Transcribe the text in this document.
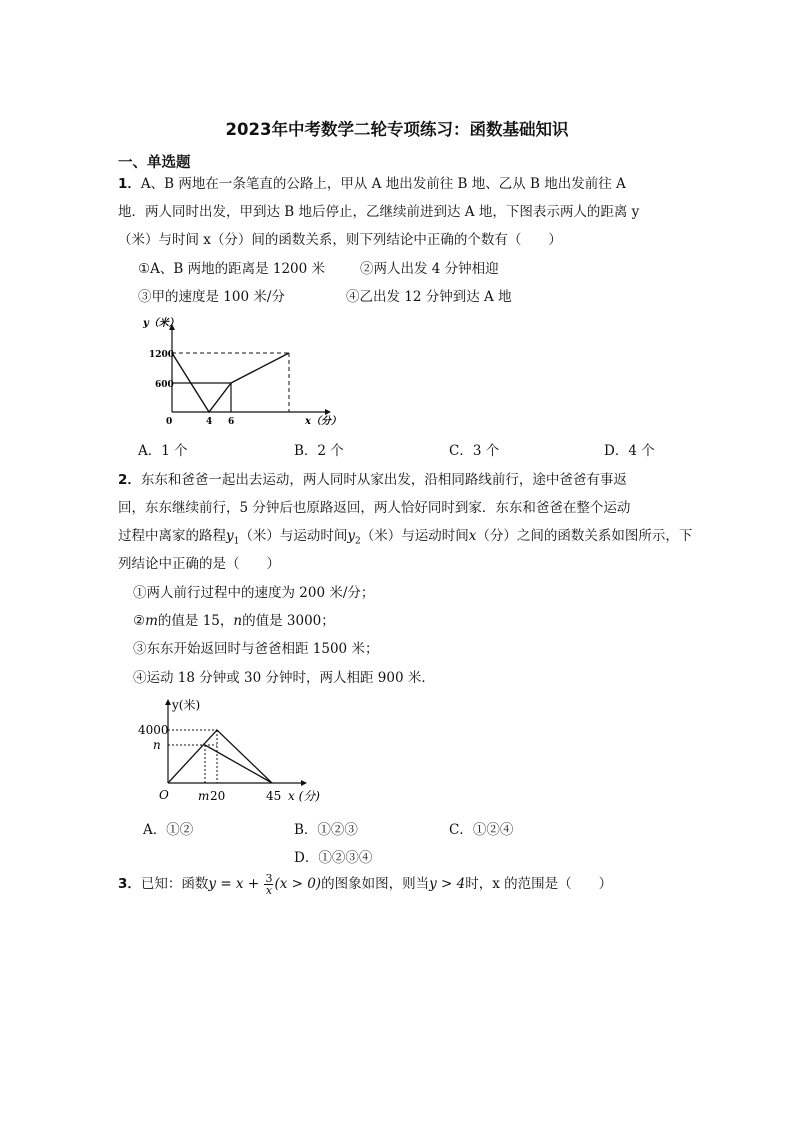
2023年中考数学二轮专项练习：函数基础知识
一、单选题
1．A、B 两地在一条笔直的公路上，甲从 A 地出发前往 B 地、乙从 B 地出发前往 A
地．两人同时出发，甲到达 B 地后停止，乙继续前进到达 A 地，下图表示两人的距离 y
（米）与时间 x（分）间的函数关系，则下列结论中正确的个数有（　　）
①A、B 两地的距离是 1200 米	②两人出发 4 分钟相迎
③甲的速度是 100 米/分	④乙出发 12 分钟到达 A 地
y（米）
1200
600
0	4 6	x（分）
A．1 个	B．2 个	C．3 个	D．4 个
2．东东和爸爸一起出去运动，两人同时从家出发，沿相同路线前行，途中爸爸有事返
回，东东继续前行，5 分钟后也原路返回，两人恰好同时到家．东东和爸爸在整个运动
过程中离家的路程$y_1$（米）与运动时间$y_2$（米）与运动时间x（分）之间的函数关系如图所示，下
列结论中正确的是（　　）
①两人前行过程中的速度为 200 米/分；
②m的值是 15，n的值是 3000；
③东东开始返回时与爸爸相距 1500 米；
④运动 18 分钟或 30 分钟时，两人相距 900 米．
y(米)
4000
n
O m 20	45 x (分)
A．①②	B．①②③	C．①②④
D．①②③④
3．已知：函数$y = x + \frac{3}{x} (x > 0)$的图象如图，则当y > 4时，x 的范围是（　　）
